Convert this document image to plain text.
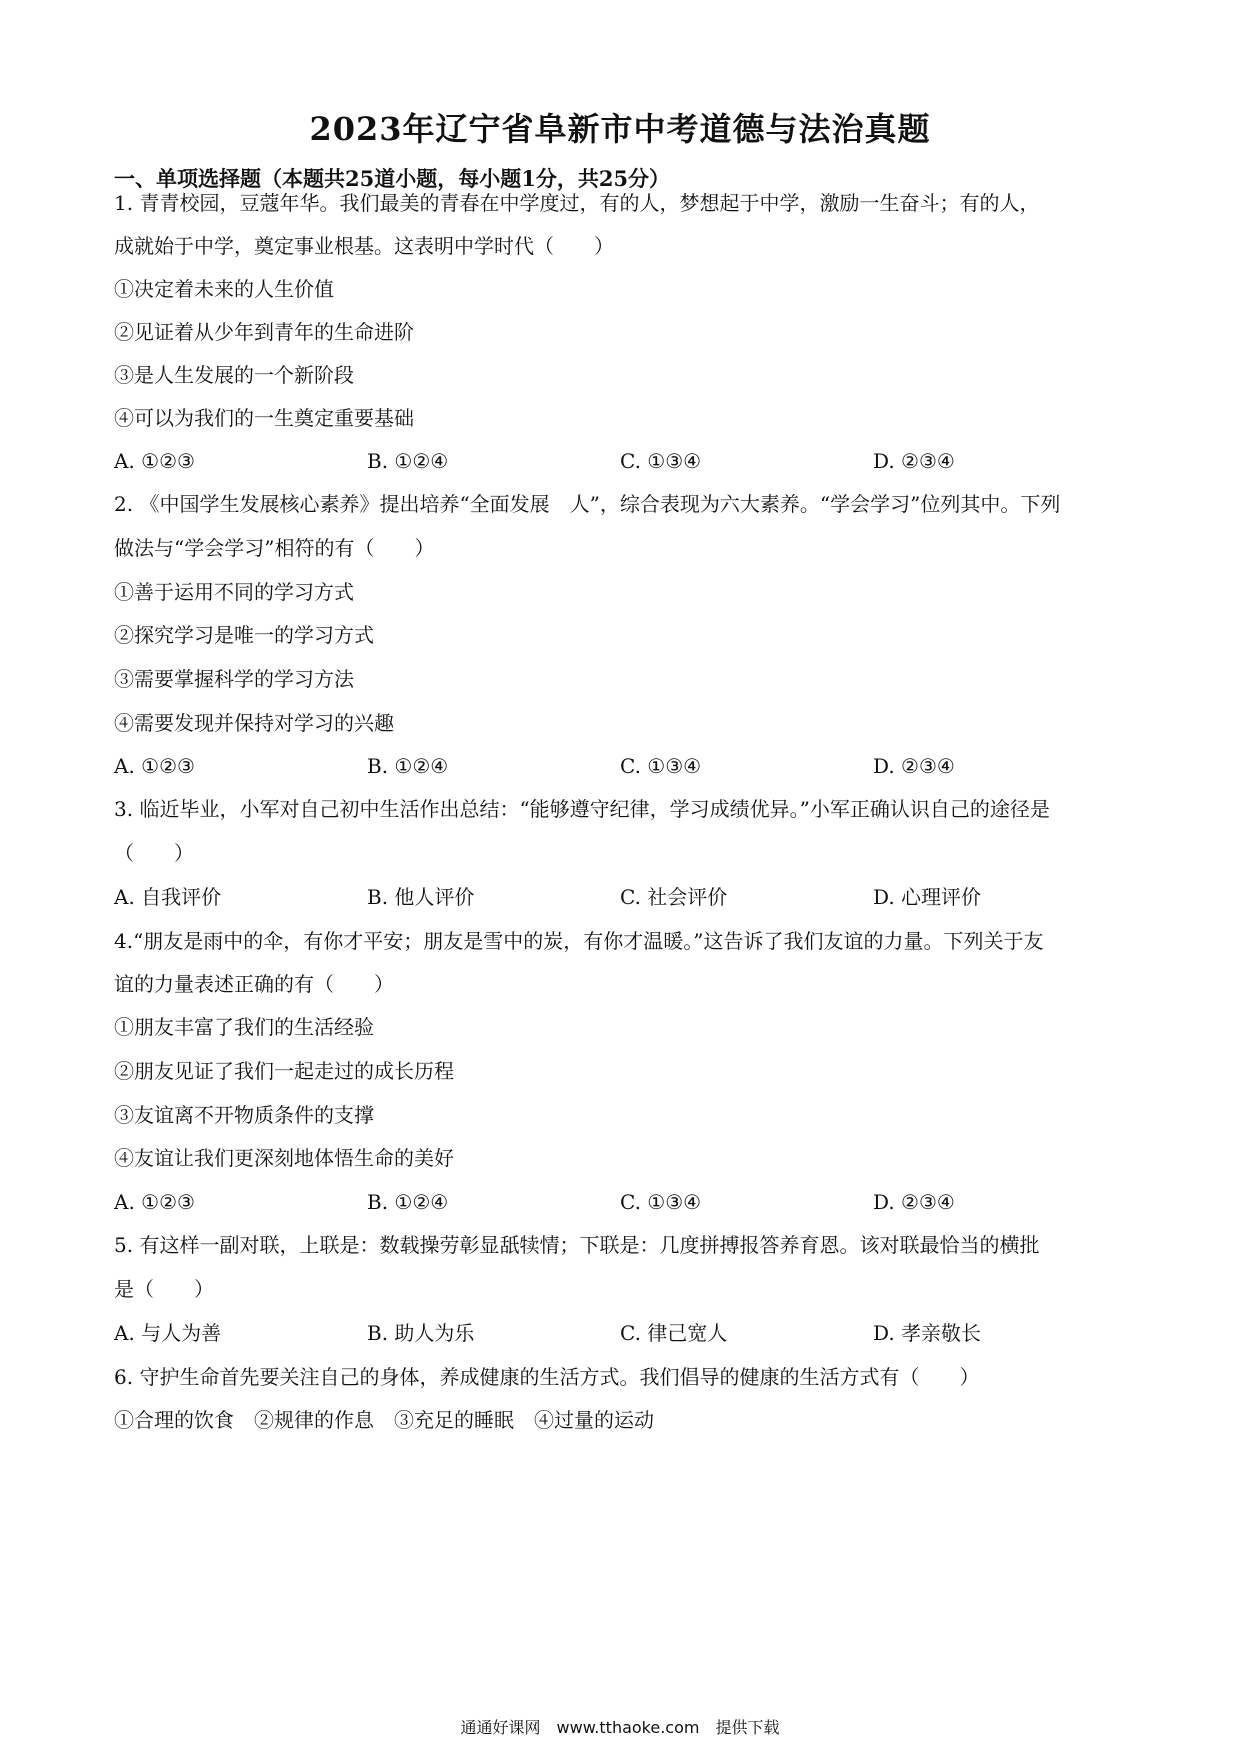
2023年辽宁省阜新市中考道德与法治真题
一、单项选择题（本题共25道小题，每小题1分，共25分）
1. 青青校园，豆蔻年华。我们最美的青春在中学度过，有的人，梦想起于中学，激励一生奋斗；有的人，
成就始于中学，奠定事业根基。这表明中学时代（　　）
①决定着未来的人生价值
②见证着从少年到青年的生命进阶
③是人生发展的一个新阶段
④可以为我们的一生奠定重要基础
A. ①②③	B. ①②④	C. ①③④	D. ②③④
2. 《中国学生发展核心素养》提出培养“全面发展　人”，综合表现为六大素养。“学会学习”位列其中。下列
做法与“学会学习”相符的有（　　）
①善于运用不同的学习方式
②探究学习是唯一的学习方式
③需要掌握科学的学习方法
④需要发现并保持对学习的兴趣
A. ①②③	B. ①②④	C. ①③④	D. ②③④
3. 临近毕业，小军对自己初中生活作出总结：“能够遵守纪律，学习成绩优异。”小军正确认识自己的途径是
（　　）
A. 自我评价	B. 他人评价	C. 社会评价	D. 心理评价
4.“朋友是雨中的伞，有你才平安；朋友是雪中的炭，有你才温暖。”这告诉了我们友谊的力量。下列关于友
谊的力量表述正确的有（　　）
①朋友丰富了我们的生活经验
②朋友见证了我们一起走过的成长历程
③友谊离不开物质条件的支撑
④友谊让我们更深刻地体悟生命的美好
A. ①②③	B. ①②④	C. ①③④	D. ②③④
5. 有这样一副对联，上联是：数载操劳彰显舐犊情；下联是：几度拼搏报答养育恩。该对联最恰当的横批
是（　　）
A. 与人为善	B. 助人为乐	C. 律己宽人	D. 孝亲敬长
6. 守护生命首先要关注自己的身体，养成健康的生活方式。我们倡导的健康的生活方式有（　　）
①合理的饮食　②规律的作息　③充足的睡眠　④过量的运动
通通好课网　www.tthaoke.com　提供下载
